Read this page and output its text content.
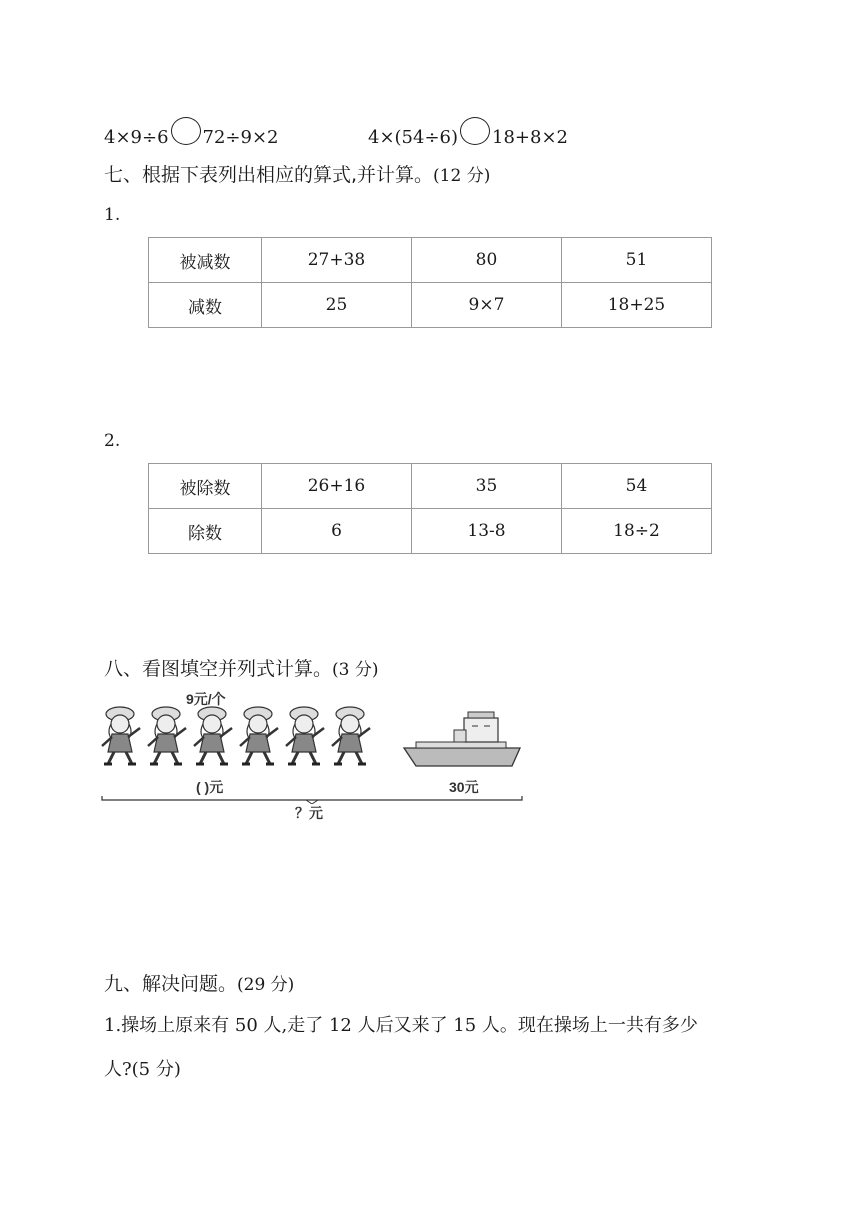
4×9÷6 72÷9×2	4×(54÷6) 18+8×2
七、根据下表列出相应的算式,并计算。(12 分)
1.
被减数	27+38	80	51
减数	25	9×7	18+25
2.
被除数	26+16	35	54
除数	6	13-8	18÷2
八、看图填空并列式计算。(3 分)
9元/个
( )元	30元
？元
九、解决问题。(29 分)
1.操场上原来有 50 人,走了 12 人后又来了 15 人。现在操场上一共有多少
人?(5 分)
